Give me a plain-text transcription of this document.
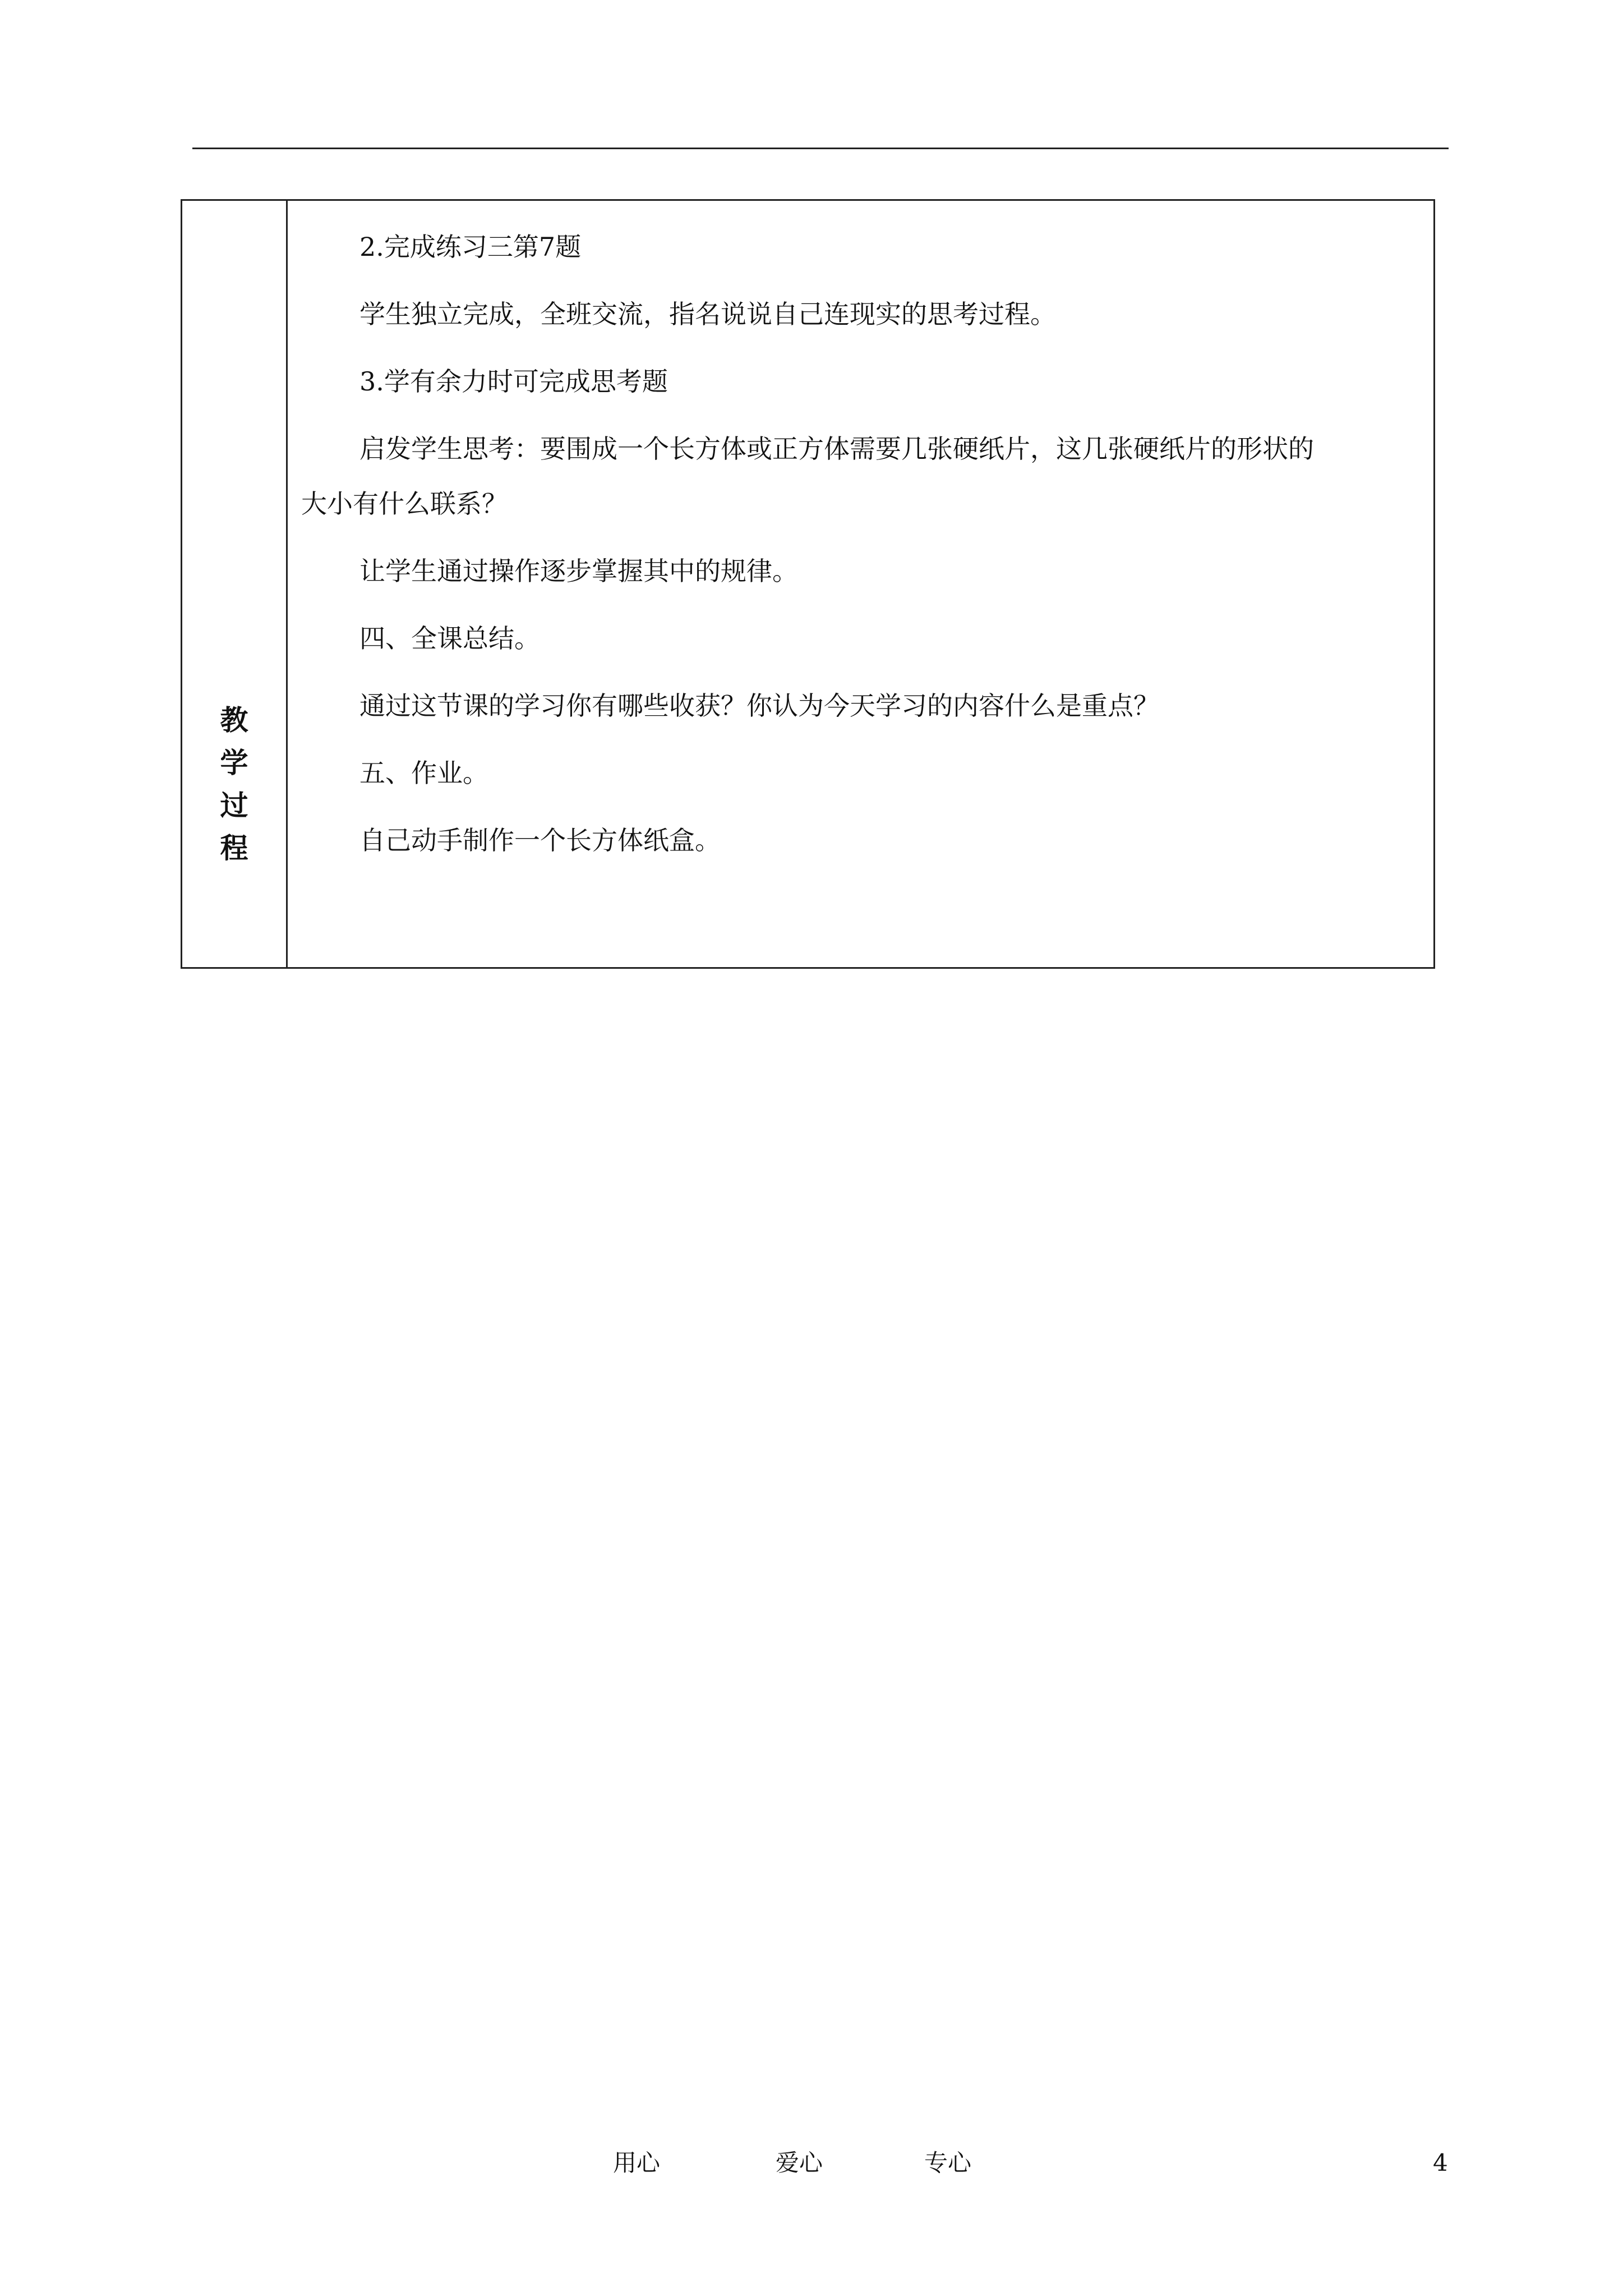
教
学
过
程

2.完成练习三第7题

学生独立完成，全班交流，指名说说自己连现实的思考过程。

3.学有余力时可完成思考题

启发学生思考：要围成一个长方体或正方体需要几张硬纸片，这几张硬纸片的形状的

大小有什么联系？

让学生通过操作逐步掌握其中的规律。

四、全课总结。

通过这节课的学习你有哪些收获？你认为今天学习的内容什么是重点？

五、作业。

自己动手制作一个长方体纸盒。

用心	爱心	专心	4
